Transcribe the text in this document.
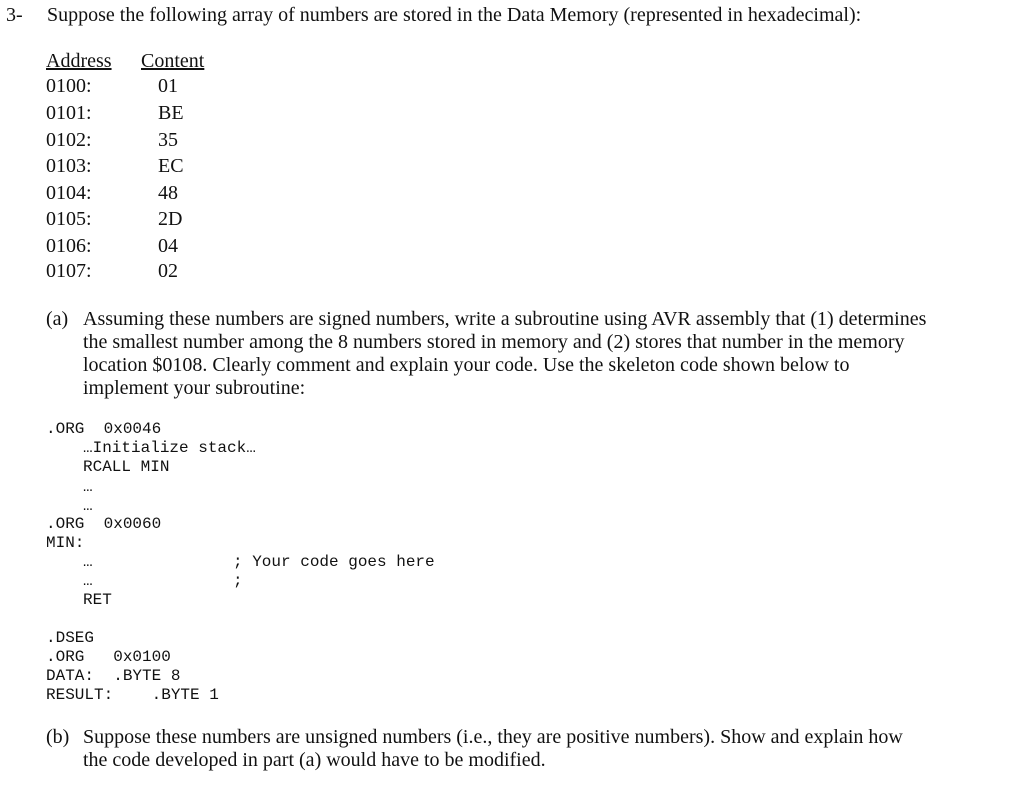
3- Suppose the following array of numbers are stored in the Data Memory (represented in hexadecimal):
Address Content
0100:	01
0101:	BE
0102:	35
0103:	EC
0104:	48
0105:	2D
0106:	04
0107:	02
(a) Assuming these numbers are signed numbers, write a subroutine using AVR assembly that (1) determines
the smallest number among the 8 numbers stored in memory and (2) stores that number in the memory
location $0108. Clearly comment and explain your code. Use the skeleton code shown below to
implement your subroutine:
.ORG  0x0046
…Initialize stack…
RCALL MIN
…
…
.ORG  0x0060
MIN:
…	; Your code goes here
…	;
RET
.DSEG
.ORG   0x0100
DATA:  .BYTE 8
RESULT:    .BYTE 1
(b) Suppose these numbers are unsigned numbers (i.e., they are positive numbers). Show and explain how
the code developed in part (a) would have to be modified.
